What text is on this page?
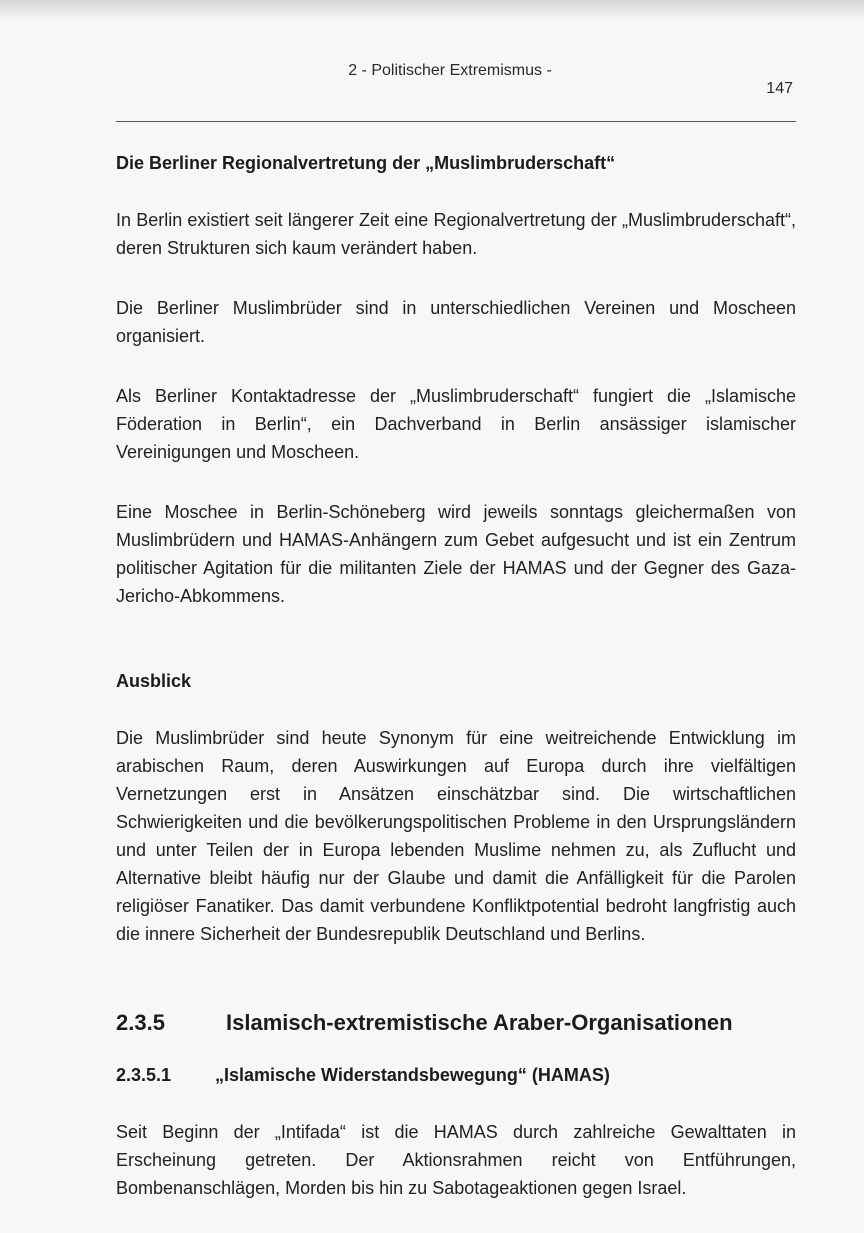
2 - Politischer Extremismus -
147
Die Berliner Regionalvertretung der „Muslimbruderschaft“

In Berlin existiert seit längerer Zeit eine Regionalvertretung der „Muslimbruderschaft“, deren Strukturen sich kaum verändert haben.

Die Berliner Muslimbrüder sind in unterschiedlichen Vereinen und Moscheen organisiert.

Als Berliner Kontaktadresse der „Muslimbruderschaft“ fungiert die „Islamische Föderation in Berlin“, ein Dachverband in Berlin ansässiger islamischer Vereinigungen und Moscheen.

Eine Moschee in Berlin-Schöneberg wird jeweils sonntags gleichermaßen von Muslimbrüdern und HAMAS-Anhängern zum Gebet aufgesucht und ist ein Zentrum politischer Agitation für die militanten Ziele der HAMAS und der Gegner des Gaza-Jericho-Abkommens.

Ausblick

Die Muslimbrüder sind heute Synonym für eine weitreichende Entwicklung im arabischen Raum, deren Auswirkungen auf Europa durch ihre vielfältigen Vernetzungen erst in Ansätzen einschätzbar sind. Die wirtschaftlichen Schwierigkeiten und die bevölkerungspolitischen Probleme in den Ursprungsländern und unter Teilen der in Europa lebenden Muslime nehmen zu, als Zuflucht und Alternative bleibt häufig nur der Glaube und damit die Anfälligkeit für die Parolen religiöser Fanatiker. Das damit verbundene Konfliktpotential bedroht langfristig auch die innere Sicherheit der Bundesrepublik Deutschland und Berlins.

2.3.5	Islamisch-extremistische Araber-Organisationen
2.3.5.1	„Islamische Widerstandsbewegung“ (HAMAS)

Seit Beginn der „Intifada“ ist die HAMAS durch zahlreiche Gewalttaten in Erscheinung getreten. Der Aktionsrahmen reicht von Entführungen, Bombenanschlägen, Morden bis hin zu Sabotageaktionen gegen Israel.
